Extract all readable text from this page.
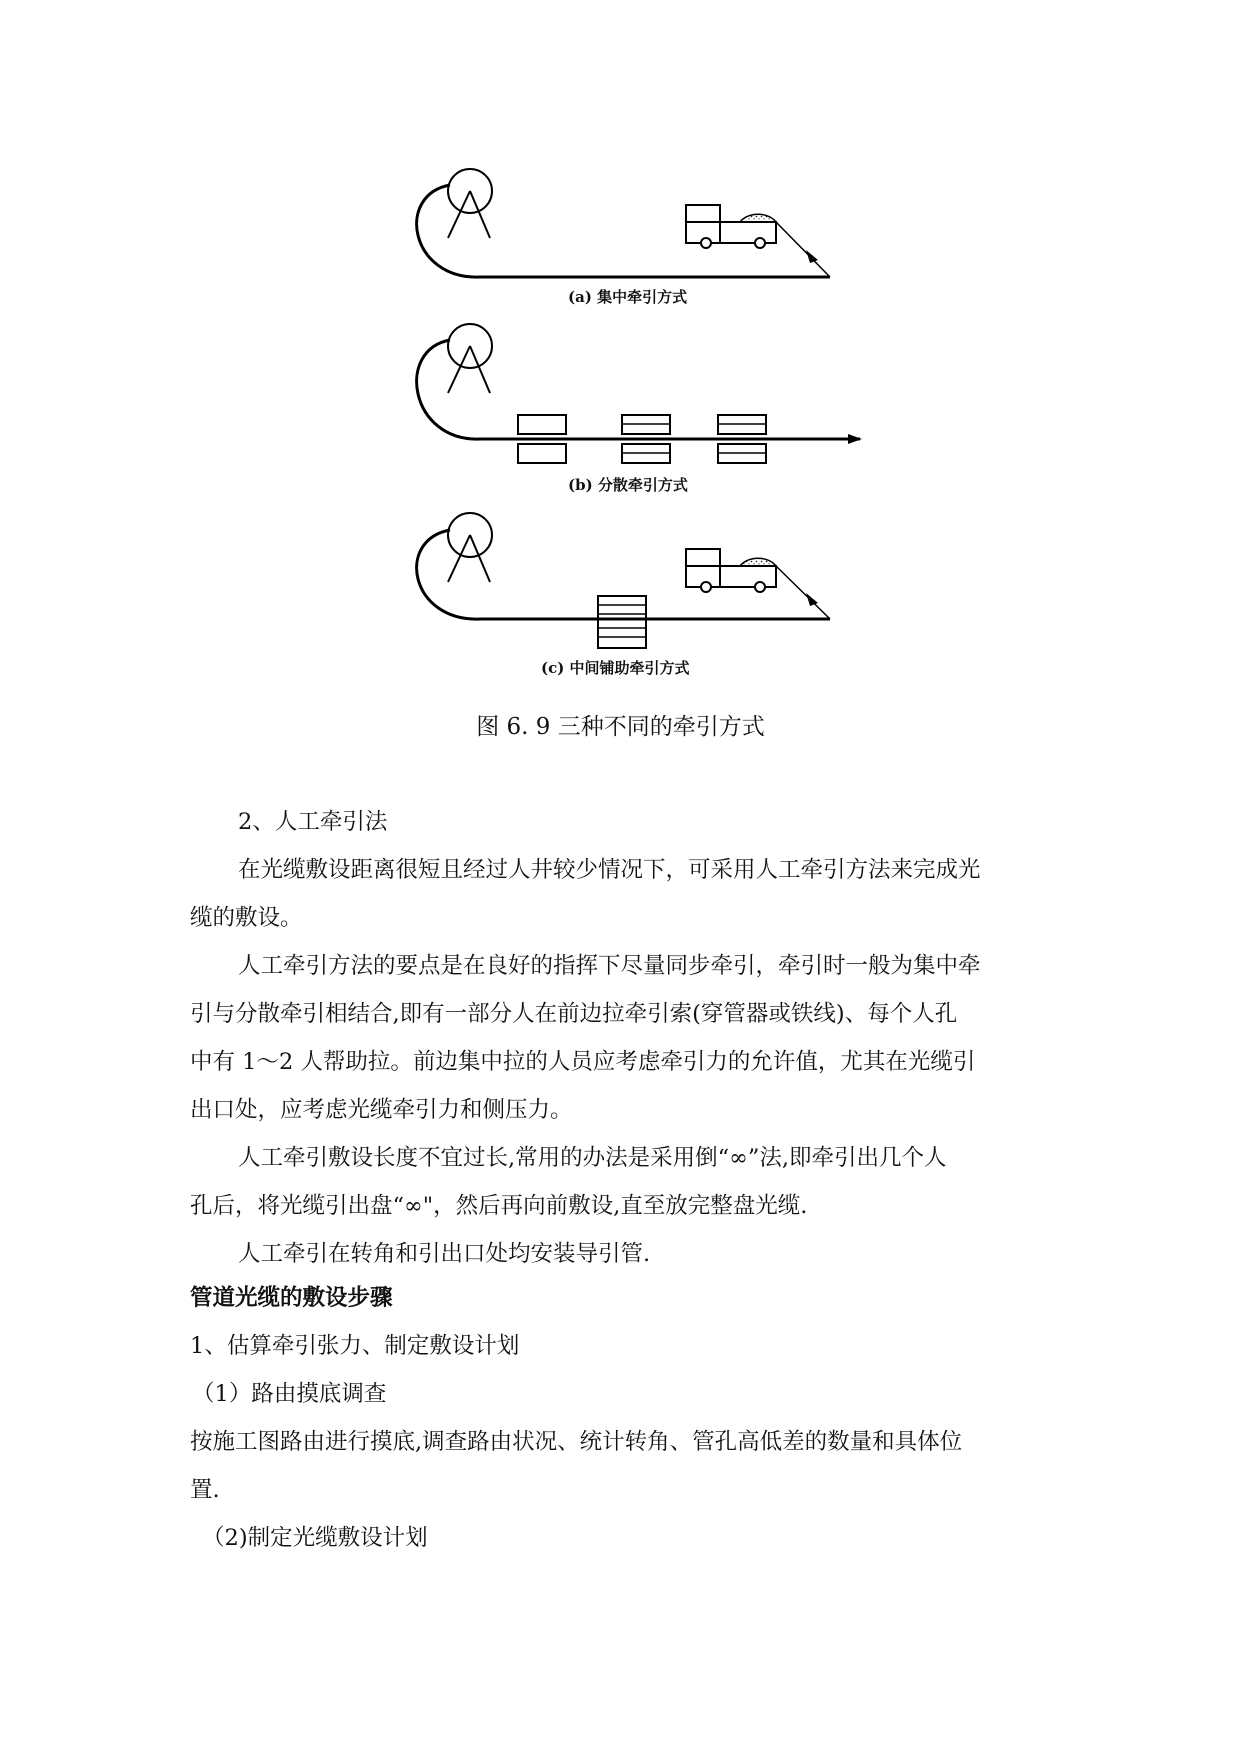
(a) 集中牵引方式
(b) 分散牵引方式
(c) 中间铺助牵引方式
图 6. 9 三种不同的牵引方式
2、人工牵引法
在光缆敷设距离很短且经过人井较少情况下，可采用人工牵引方法来完成光
缆的敷设。
人工牵引方法的要点是在良好的指挥下尽量同步牵引，牵引时一般为集中牵
引与分散牵引相结合,即有一部分人在前边拉牵引索(穿管器或铁线)、每个人孔
中有 1～2 人帮助拉。前边集中拉的人员应考虑牵引力的允许值，尤其在光缆引
出口处，应考虑光缆牵引力和侧压力。
人工牵引敷设长度不宜过长,常用的办法是采用倒“∞”法,即牵引出几个人
孔后，将光缆引出盘“∞"，然后再向前敷设,直至放完整盘光缆.
人工牵引在转角和引出口处均安装导引管.
管道光缆的敷设步骤
1、估算牵引张力、制定敷设计划
（1）路由摸底调查
按施工图路由进行摸底,调查路由状况、统计转角、管孔高低差的数量和具体位
置.
（2)制定光缆敷设计划
